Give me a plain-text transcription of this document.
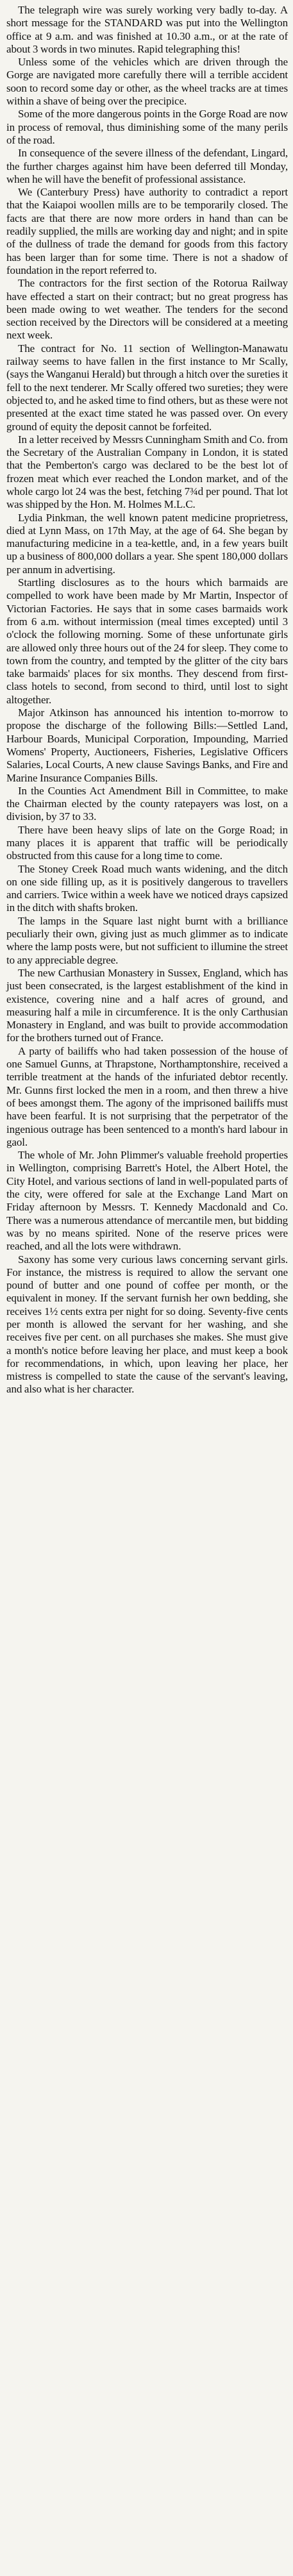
The telegraph wire was surely working very badly to-day. A short message for the STANDARD was put into the Wellington office at 9 a.m. and was finished at 10.30 a.m., or at the rate of about 3 words in two minutes. Rapid telegraphing this!

Unless some of the vehicles which are driven through the Gorge are navigated more carefully there will a terrible accident soon to record some day or other, as the wheel tracks are at times within a shave of being over the precipice.

Some of the more dangerous points in the Gorge Road are now in process of removal, thus diminishing some of the many perils of the road.

In consequence of the severe illness of the defendant, Lingard, the further charges against him have been deferred till Monday, when he will have the benefit of professional assistance.

We (Canterbury Press) have authority to contradict a report that the Kaiapoi woollen mills are to be temporarily closed. The facts are that there are now more orders in hand than can be readily supplied, the mills are working day and night; and in spite of the dullness of trade the demand for goods from this factory has been larger than for some time. There is not a shadow of foundation in the report referred to.

The contractors for the first section of the Rotorua Railway have effected a start on their contract; but no great progress has been made owing to wet weather. The tenders for the second section received by the Directors will be considered at a meeting next week.

The contract for No. 11 section of Wellington-Manawatu railway seems to have fallen in the first instance to Mr Scally, (says the Wanganui Herald) but through a hitch over the sureties it fell to the next tenderer. Mr Scally offered two sureties; they were objected to, and he asked time to find others, but as these were not presented at the exact time stated he was passed over. On every ground of equity the deposit cannot be forfeited.

In a letter received by Messrs Cunningham Smith and Co. from the Secretary of the Australian Company in London, it is stated that the Pemberton's cargo was declared to be the best lot of frozen meat which ever reached the London market, and of the whole cargo lot 24 was the best, fetching 7¾d per pound. That lot was shipped by the Hon. M. Holmes M.L.C.

Lydia Pinkman, the well known patent medicine proprietress, died at Lynn Mass, on 17th May, at the age of 64. She began by manufacturing medicine in a tea-kettle, and, in a few years built up a business of 800,000 dollars a year. She spent 180,000 dollars per annum in advertising.

Startling disclosures as to the hours which barmaids are compelled to work have been made by Mr Martin, Inspector of Victorian Factories. He says that in some cases barmaids work from 6 a.m. without intermission (meal times excepted) until 3 o'clock the following morning. Some of these unfortunate girls are allowed only three hours out of the 24 for sleep. They come to town from the country, and tempted by the glitter of the city bars take barmaids' places for six months. They descend from first-class hotels to second, from second to third, until lost to sight altogether.

Major Atkinson has announced his intention to-morrow to propose the discharge of the following Bills:—Settled Land, Harbour Boards, Municipal Corporation, Impounding, Married Womens' Property, Auctioneers, Fisheries, Legislative Officers Salaries, Local Courts, A new clause Savings Banks, and Fire and Marine Insurance Companies Bills.

In the Counties Act Amendment Bill in Committee, to make the Chairman elected by the county ratepayers was lost, on a division, by 37 to 33.

There have been heavy slips of late on the Gorge Road; in many places it is apparent that traffic will be periodically obstructed from this cause for a long time to come.

The Stoney Creek Road much wants widening, and the ditch on one side filling up, as it is positively dangerous to travellers and carriers. Twice within a week have we noticed drays capsized in the ditch with shafts broken.

The lamps in the Square last night burnt with a brilliance peculiarly their own, giving just as much glimmer as to indicate where the lamp posts were, but not sufficient to illumine the street to any appreciable degree.

The new Carthusian Monastery in Sussex, England, which has just been consecrated, is the largest establishment of the kind in existence, covering nine and a half acres of ground, and measuring half a mile in circumference. It is the only Carthusian Monastery in England, and was built to provide accommodation for the brothers turned out of France.

A party of bailiffs who had taken possession of the house of one Samuel Gunns, at Thrapstone, Northamptonshire, received a terrible treatment at the hands of the infuriated debtor recently. Mr. Gunns first locked the men in a room, and then threw a hive of bees amongst them. The agony of the imprisoned bailiffs must have been fearful. It is not surprising that the perpetrator of the ingenious outrage has been sentenced to a month's hard labour in gaol.

The whole of Mr. John Plimmer's valuable freehold properties in Wellington, comprising Barrett's Hotel, the Albert Hotel, the City Hotel, and various sections of land in well-populated parts of the city, were offered for sale at the Exchange Land Mart on Friday afternoon by Messrs. T. Kennedy Macdonald and Co. There was a numerous attendance of mercantile men, but bidding was by no means spirited. None of the reserve prices were reached, and all the lots were withdrawn.

Saxony has some very curious laws concerning servant girls. For instance, the mistress is required to allow the servant one pound of butter and one pound of coffee per month, or the equivalent in money. If the servant furnish her own bedding, she receives 1½ cents extra per night for so doing. Seventy-five cents per month is allowed the servant for her washing, and she receives five per cent. on all purchases she makes. She must give a month's notice before leaving her place, and must keep a book for recommendations, in which, upon leaving her place, her mistress is compelled to state the cause of the servant's leaving, and also what is her character.
